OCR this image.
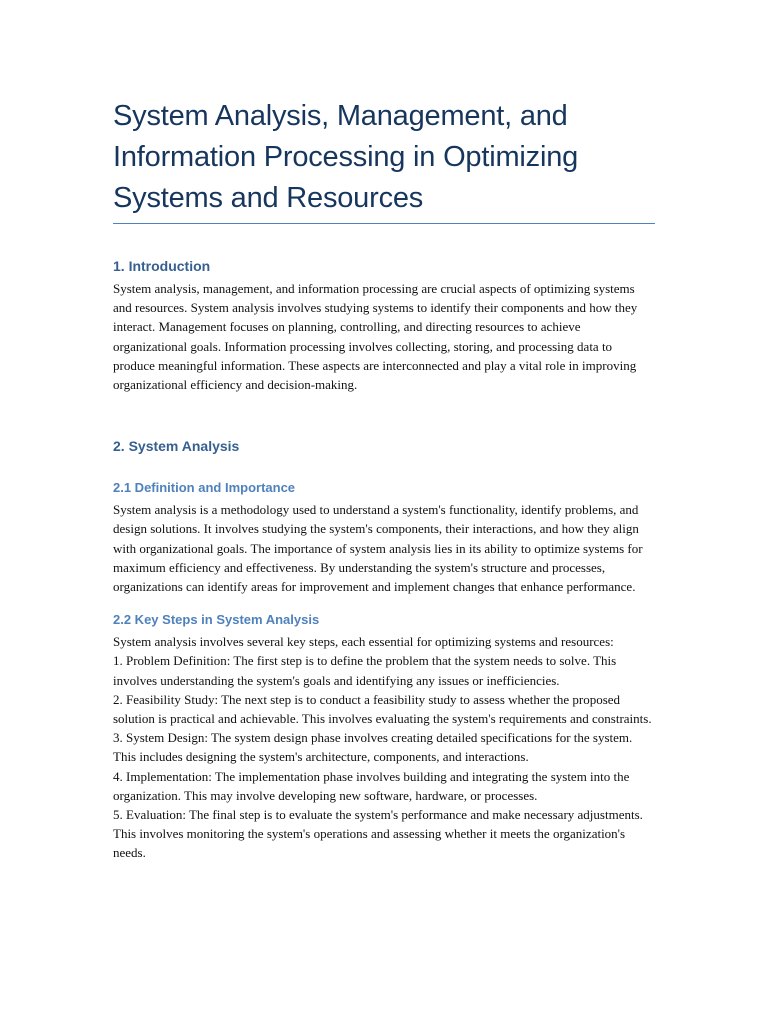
System Analysis, Management, and Information Processing in Optimizing Systems and Resources
1. Introduction

System analysis, management, and information processing are crucial aspects of optimizing systems and resources. System analysis involves studying systems to identify their components and how they interact. Management focuses on planning, controlling, and directing resources to achieve organizational goals. Information processing involves collecting, storing, and processing data to produce meaningful information. These aspects are interconnected and play a vital role in improving organizational efficiency and decision-making.

2. System Analysis
2.1 Definition and Importance

System analysis is a methodology used to understand a system's functionality, identify problems, and design solutions. It involves studying the system's components, their interactions, and how they align with organizational goals. The importance of system analysis lies in its ability to optimize systems for maximum efficiency and effectiveness. By understanding the system's structure and processes, organizations can identify areas for improvement and implement changes that enhance performance.

2.2 Key Steps in System Analysis
System analysis involves several key steps, each essential for optimizing systems and resources:
1. Problem Definition: The first step is to define the problem that the system needs to solve. This involves understanding the system's goals and identifying any issues or inefficiencies.
2. Feasibility Study: The next step is to conduct a feasibility study to assess whether the proposed solution is practical and achievable. This involves evaluating the system's requirements and constraints.
3. System Design: The system design phase involves creating detailed specifications for the system. This includes designing the system's architecture, components, and interactions.
4. Implementation: The implementation phase involves building and integrating the system into the organization. This may involve developing new software, hardware, or processes.
5. Evaluation: The final step is to evaluate the system's performance and make necessary adjustments. This involves monitoring the system's operations and assessing whether it meets the organization's needs.
